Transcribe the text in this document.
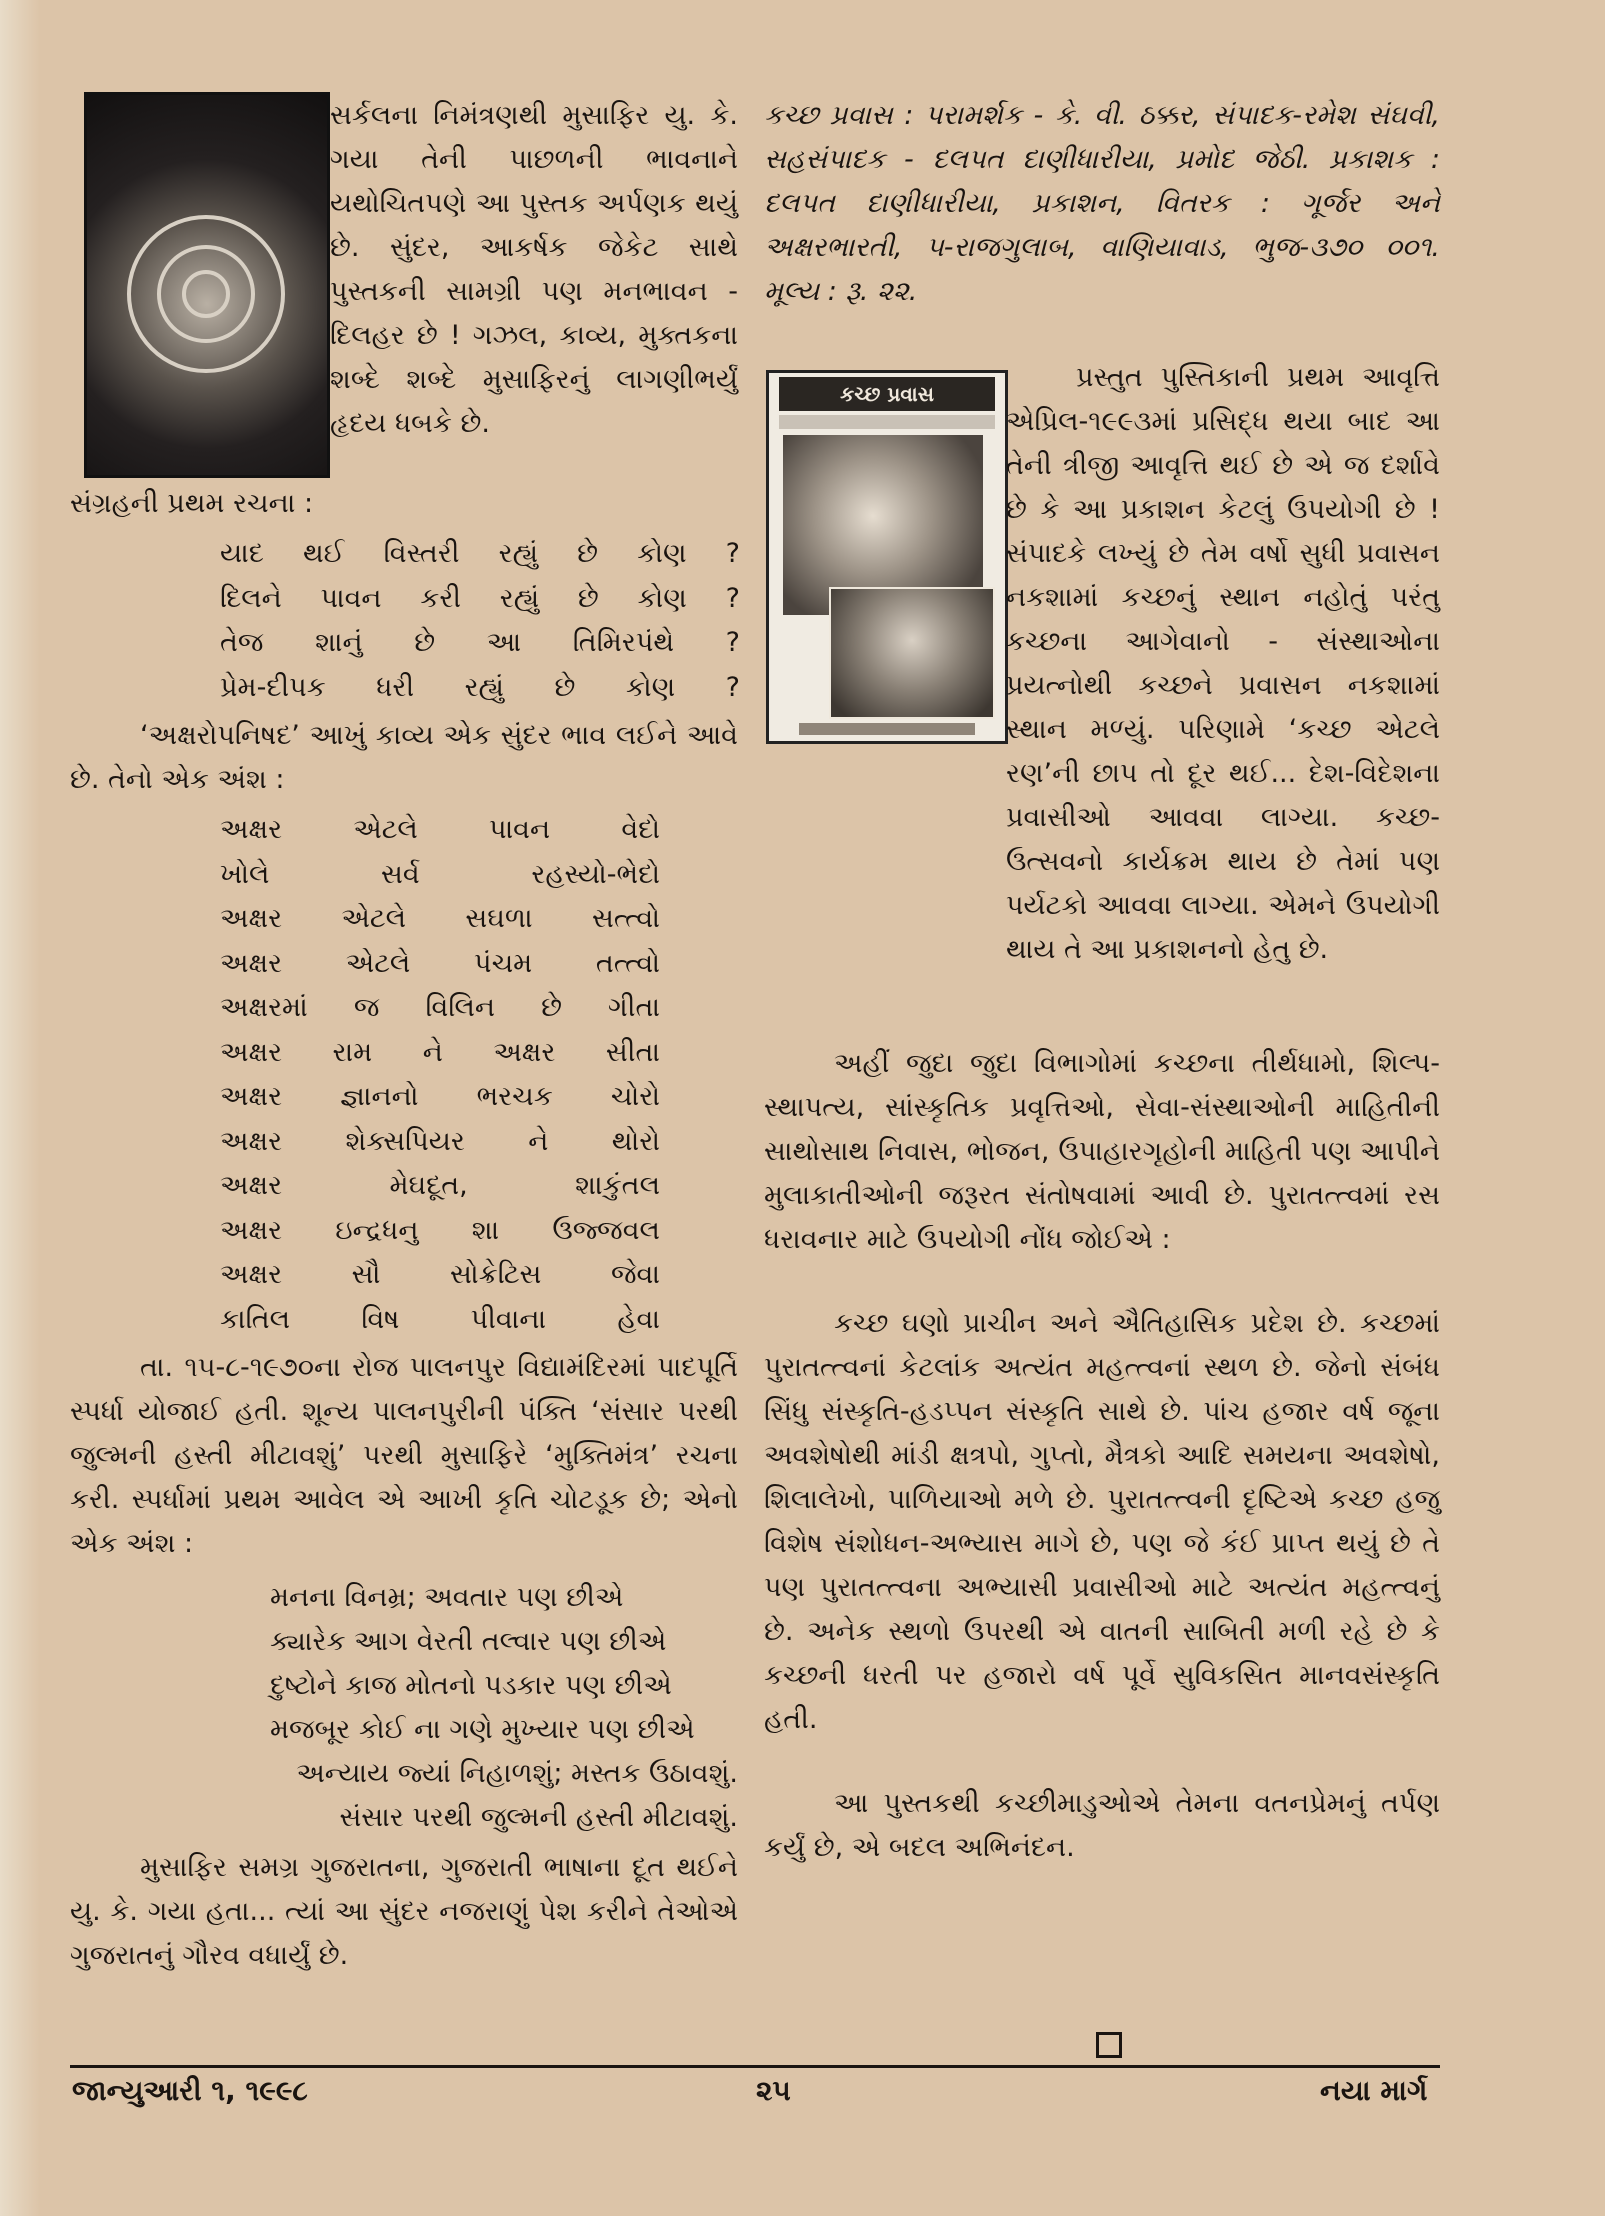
સર્કલના નિમંત્રણથી મુસાફિર યુ. કે. ગયા તેની પાછળની ભાવનાને યથોચિતપણે આ પુસ્તક અર્પણક થયું છે. સુંદર, આકર્ષક જેકેટ સાથે પુસ્તકની સામગ્રી પણ મનભાવન - દિલહર છે ! ગઝલ, કાવ્ય, મુક્તકના શબ્દે શબ્દે મુસાફિરનું લાગણીભર્યું હૃદય ધબકે છે.

સંગ્રહની પ્રથમ રચના :

યાદ થઈ વિસ્તરી રહ્યું છે કોણ ?
દિલને પાવન કરી રહ્યું છે કોણ ?
તેજ શાનું છે આ તિમિરપંથે ?
પ્રેમ-દીપક ધરી રહ્યું છે કોણ ?

‘અક્ષરોપનિષદ’ આખું કાવ્ય એક સુંદર ભાવ લઈને આવે છે. તેનો એક અંશ :

અક્ષર	એટલે	પાવન	વેદો
ખોલે	સર્વ	રહસ્યો-ભેદો
અક્ષર એટલે સઘળા સત્ત્વો
અક્ષર એટલે પંચમ તત્ત્વો
અક્ષરમાં જ વિલિન છે ગીતા
અક્ષર રામ ને અક્ષર સીતા
અક્ષર જ્ઞાનનો ભરચક ચોરો
અક્ષર શેક્સપિયર ને થોરો
અક્ષર	મેઘદૂત,	શાકુંતલ
અક્ષર ઇન્દ્રધનુ શા ઉજ્જવલ
અક્ષર	સૌ	સોક્રેટિસ	જેવા
કાતિલ	વિષ	પીવાના	હેવા

તા. ૧૫-૮-૧૯૭૦ના રોજ પાલનપુર વિદ્યામંદિરમાં પાદપૂર્તિ સ્પર્ધા યોજાઈ હતી. શૂન્ય પાલનપુરીની પંક્તિ ‘સંસાર પરથી જુલ્મની હસ્તી મીટાવશું’ પરથી મુસાફિરે ‘મુક્તિમંત્ર’ રચના કરી. સ્પર્ધામાં પ્રથમ આવેલ એ આખી કૃતિ ચોટડૂક છે; એનો એક અંશ :

મનના વિનમ્ર; અવતાર પણ છીએ
ક્યારેક આગ વેરતી તલ્વાર પણ છીએ
દુષ્ટોને કાજ મોતનો પડકાર પણ છીએ
મજબૂર કોઈ ના ગણે મુખ્યાર પણ છીએ
અન્યાય જ્યાં નિહાળશું; મસ્તક ઉઠાવશું.
સંસાર પરથી જુલ્મની હસ્તી મીટાવશું.

મુસાફિર સમગ્ર ગુજરાતના, ગુજરાતી ભાષાના દૂત થઈને યુ. કે. ગયા હતા... ત્યાં આ સુંદર નજરાણું પેશ કરીને તેઓએ ગુજરાતનું ગૌરવ વધાર્યું છે.

કચ્છ પ્રવાસ : પરામર્શક - કે. વી. ઠક્કર, સંપાદક-રમેશ સંઘવી, સહસંપાદક - દલપત દાણીધારીયા, પ્રમોદ જેઠી. પ્રકાશક : દલપત દાણીધારીયા, પ્રકાશન, વિતરક : ગૂર્જર અને અક્ષરભારતી, ૫-રાજગુલાબ, વાણિયાવાડ, ભુજ-૩૭૦ ૦૦૧. મૂલ્ય : રૂ. ૨૨.

કચ્છ પ્રવાસ

પ્રસ્તુત પુસ્તિકાની પ્રથમ આવૃત્તિ એપ્રિલ-૧૯૯૩માં પ્રસિદ્ધ થયા બાદ આ તેની ત્રીજી આવૃત્તિ થઈ છે એ જ દર્શાવે છે કે આ પ્રકાશન કેટલું ઉપયોગી છે ! સંપાદકે લખ્યું છે તેમ વર્ષો સુધી પ્રવાસન નકશામાં કચ્છનું સ્થાન નહોતું પરંતુ કચ્છના આગેવાનો - સંસ્થાઓના પ્રયત્નોથી કચ્છને પ્રવાસન નકશામાં સ્થાન મળ્યું. પરિણામે ‘કચ્છ એટલે રણ’ની છાપ તો દૂર થઈ... દેશ-વિદેશના પ્રવાસીઓ આવવા લાગ્યા. કચ્છ-ઉત્સવનો કાર્યક્રમ થાય છે તેમાં પણ પર્યટકો આવવા લાગ્યા. એમને ઉપયોગી થાય તે આ પ્રકાશનનો હેતુ છે.

અહીં જુદા જુદા વિભાગોમાં કચ્છના તીર્થધામો, શિલ્પ-સ્થાપત્ય, સાંસ્કૃતિક પ્રવૃત્તિઓ, સેવા-સંસ્થાઓની માહિતીની સાથોસાથ નિવાસ, ભોજન, ઉપાહારગૃહોની માહિતી પણ આપીને મુલાકાતીઓની જરૂરત સંતોષવામાં આવી છે. પુરાતત્ત્વમાં રસ ધરાવનાર માટે ઉપયોગી નોંધ જોઈએ :

કચ્છ ઘણો પ્રાચીન અને ઐતિહાસિક પ્રદેશ છે. કચ્છમાં પુરાતત્ત્વનાં કેટલાંક અત્યંત મહત્ત્વનાં સ્થળ છે. જેનો સંબંધ સિંધુ સંસ્કૃતિ-હડપ્પન સંસ્કૃતિ સાથે છે. પાંચ હજાર વર્ષ જૂના અવશેષોથી માંડી ક્ષત્રપો, ગુપ્તો, મૈત્રકો આદિ સમયના અવશેષો, શિલાલેખો, પાળિયાઓ મળે છે. પુરાતત્ત્વની દૃષ્ટિએ કચ્છ હજુ વિશેષ સંશોધન-અભ્યાસ માગે છે, પણ જે કંઈ પ્રાપ્ત થયું છે તે પણ પુરાતત્ત્વના અભ્યાસી પ્રવાસીઓ માટે અત્યંત મહત્ત્વનું છે. અનેક સ્થળો ઉપરથી એ વાતની સાબિતી મળી રહે છે કે કચ્છની ધરતી પર હજારો વર્ષ પૂર્વે સુવિકસિત માનવસંસ્કૃતિ હતી.

આ પુસ્તકથી કચ્છીમાડુઓએ તેમના વતનપ્રેમનું તર્પણ કર્યું છે, એ બદલ અભિનંદન.

જાન્યુઆરી ૧, ૧૯૯૮	૨૫	નયા માર્ગ
